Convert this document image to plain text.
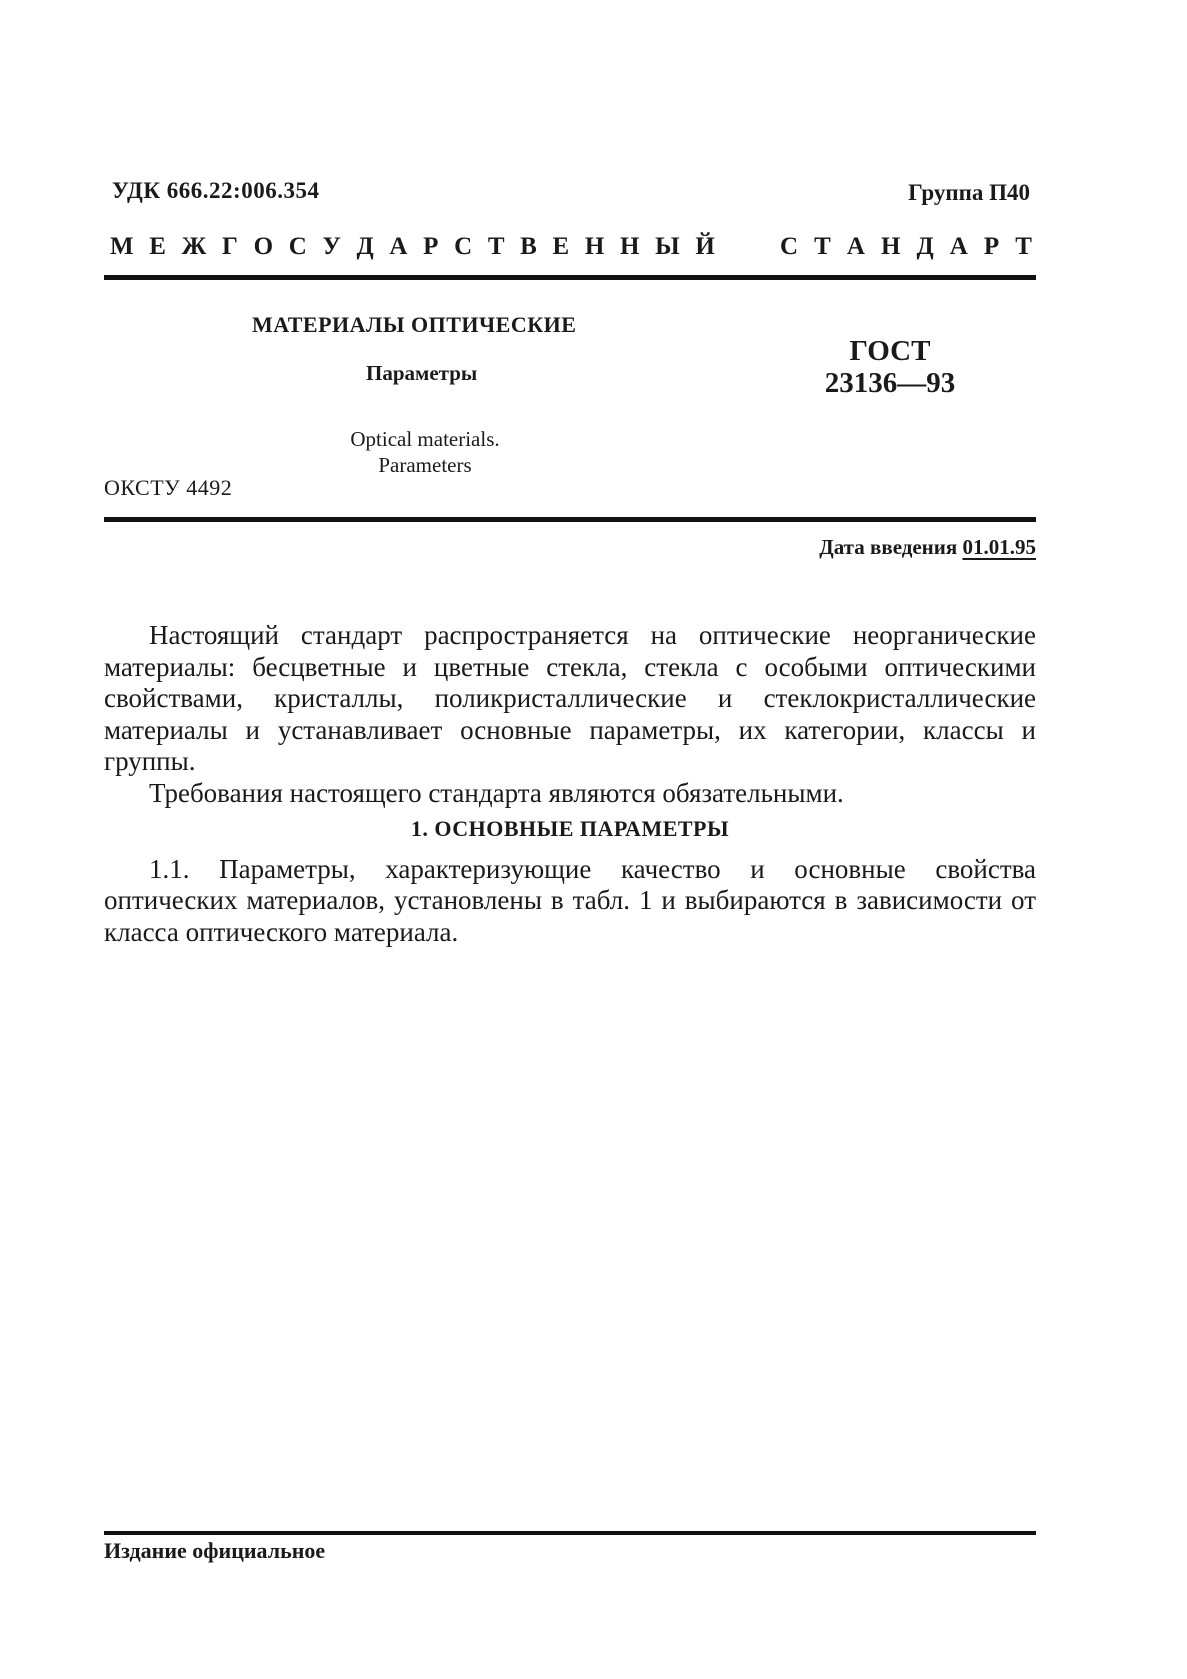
УДК 666.22:006.354	Группа П40
М Е Ж Г О С У Д А Р С Т В Е Н Н Ы Й	С Т А Н Д А Р Т
МАТЕРИАЛЫ ОПТИЧЕСКИЕ
Параметры
ГОСТ
23136—93
Optical materials.
Parameters
ОКСТУ 4492
Дата введения 01.01.95

Настоящий стандарт распространяется на оптические неорганические материалы: бесцветные и цветные стекла, стекла с особыми оптическими свойствами, кристаллы, поликристаллические и стеклокристаллические материалы и устанавливает основные параметры, их категории, классы и группы.

Требования настоящего стандарта являются обязательными.

1. ОСНОВНЫЕ ПАРАМЕТРЫ

1.1. Параметры, характеризующие качество и основные свойства оптических материалов, установлены в табл. 1 и выбираются в зависимости от класса оптического материала.

Издание официальное
